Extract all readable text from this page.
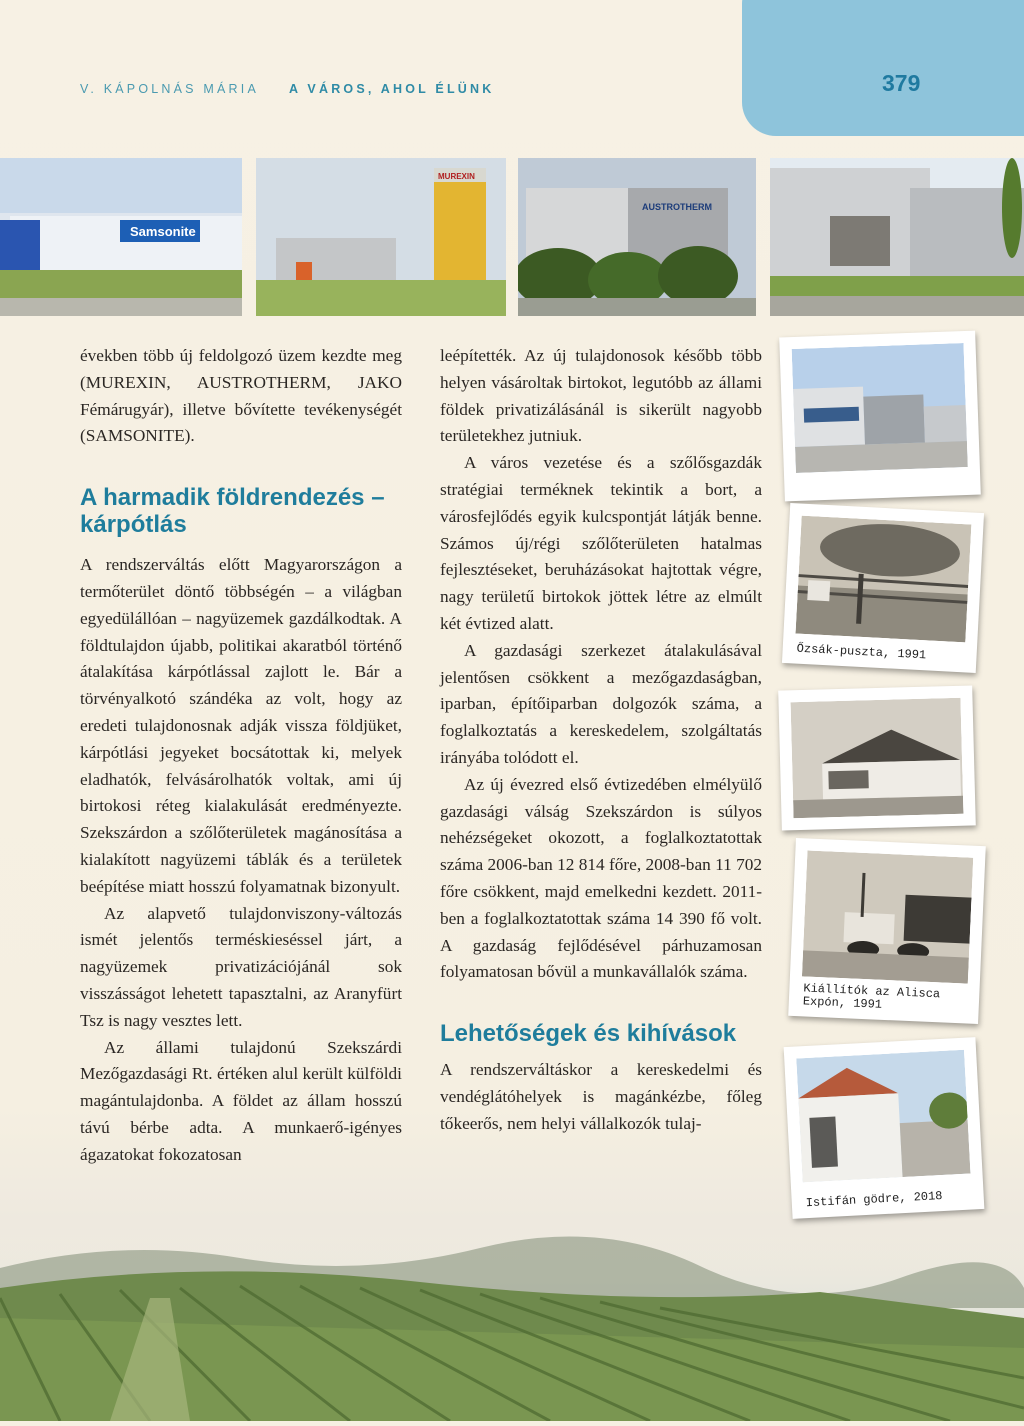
379
V. KÁPOLNÁS MÁRIA A VÁROS, AHOL ÉLÜNK
Samsonite
MUREXIN
AUSTROTHERM

években több új feldolgozó üzem kezdte meg (MUREXIN, AUSTROTHERM, JAKO Fémárugyár), illetve bővítette tevékenységét (SAMSONITE).

A harmadik földrendezés – kárpótlás

A rendszerváltás előtt Magyarországon a termőterület döntő többségén – a világban egyedülállóan – nagyüzemek gazdálkodtak. A földtulajdon újabb, politikai akaratból történő átalakítása kárpótlással zajlott le. Bár a törvényalkotó szándéka az volt, hogy az eredeti tulajdonosnak adják vissza földjüket, kárpótlási jegyeket bocsátottak ki, melyek eladhatók, felvásárolhatók voltak, ami új birtokosi réteg kialakulását eredményezte. Szekszárdon a szőlőterületek magánosítása a kialakított nagyüzemi táblák és a területek beépítése miatt hosszú folyamatnak bizonyult.

Az alapvető tulajdonviszony-változás ismét jelentős terméskieséssel járt, a nagyüzemek privatizációjánál sok visszásságot lehetett tapasztalni, az Aranyfürt Tsz is nagy vesztes lett.

Az állami tulajdonú Szekszárdi Mezőgazdasági Rt. értéken alul került külföldi magántulajdonba. A földet az állam hosszú távú bérbe adta. A munkaerő-igényes ágazatokat fokozatosan

leépítették. Az új tulajdonosok később több helyen vásároltak birtokot, legutóbb az állami földek privatizálásánál is sikerült nagyobb területekhez jutniuk.

A város vezetése és a szőlősgazdák stratégiai terméknek tekintik a bort, a városfejlődés egyik kulcspontját látják benne. Számos új/régi szőlőterületen hatalmas fejlesztéseket, beruházásokat hajtottak végre, nagy területű birtokok jöttek létre az elmúlt két évtized alatt.

A gazdasági szerkezet átalakulásával jelentősen csökkent a mezőgazdaságban, iparban, építőiparban dolgozók száma, a foglalkoztatás a kereskedelem, szolgáltatás irányába tolódott el.

Az új évezred első évtizedében elmélyülő gazdasági válság Szekszárdon is súlyos nehézségeket okozott, a foglalkoztatottak száma 2006-ban 12 814 főre, 2008-ban 11 702 főre csökkent, majd emelkedni kezdett. 2011-ben a foglalkoztatottak száma 14 390 fő volt. A gazdaság fejlődésével párhuzamosan folyamatosan bővül a munkavállalók száma.

Lehetőségek és kihívások

A rendszerváltáskor a kereskedelmi és vendéglátóhelyek is magánkézbe, főleg tőkeerős, nem helyi vállalkozók tulaj-

Őzsák-puszta, 1991
Kiállítók az Alisca Expón, 1991
Istifán gödre, 2018
